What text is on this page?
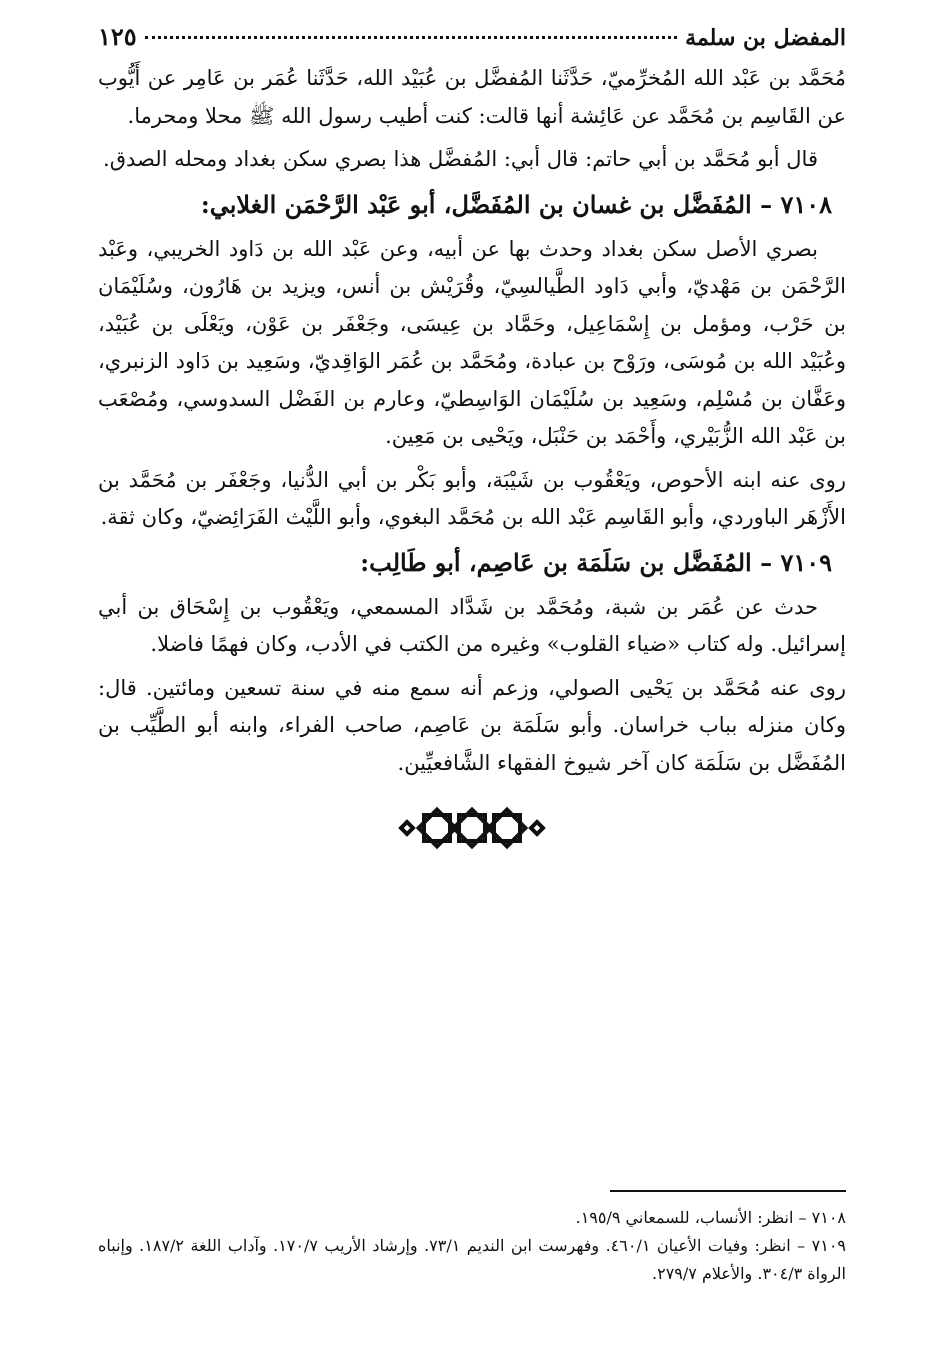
المفضل بن سلمة
١٢٥

مُحَمَّد بن عَبْد الله المُخرِّميّ، حَدَّثَنا المُفضَّل بن عُبَيْد الله، حَدَّثَنا عُمَر بن عَامِر عن أَيُّوب عن القَاسِم بن مُحَمَّد عن عَائِشة أنها قالت: كنت أطيب رسول الله ﷺ محلا ومحرما.

قال أبو مُحَمَّد بن أبي حاتم: قال أبي: المُفضَّل هذا بصري سكن بغداد ومحله الصدق.

٧١٠٨ – المُفَضَّل بن غسان بن المُفَضَّل، أبو عَبْد الرَّحْمَن الغلابي:

بصري الأصل سكن بغداد وحدث بها عن أبيه، وعن عَبْد الله بن دَاود الخريبي، وعَبْد الرَّحْمَن بن مَهْديّ، وأبي دَاود الطَّيالسِيّ، وقُرَيْش بن أنس، ويزيد بن هَارُون، وسُلَيْمَان بن حَرْب، ومؤمل بن إِسْمَاعِيل، وحَمَّاد بن عِيسَى، وجَعْفَر بن عَوْن، ويَعْلَى بن عُبَيْد، وعُبَيْد الله بن مُوسَى، ورَوْح بن عبادة، ومُحَمَّد بن عُمَر الوَاقِديّ، وسَعِيد بن دَاود الزنبري، وعَفَّان بن مُسْلِم، وسَعِيد بن سُلَيْمَان الوَاسِطيّ، وعارم بن الفَضْل السدوسي، ومُصْعَب بن عَبْد الله الزُّبَيْري، وأَحْمَد بن حَنْبَل، ويَحْيى بن مَعِين.

روى عنه ابنه الأحوص، ويَعْقُوب بن شَيْبَة، وأبو بَكْر بن أبي الدُّنيا، وجَعْفَر بن مُحَمَّد بن الأَزْهَر الباوردي، وأبو القَاسِم عَبْد الله بن مُحَمَّد البغوي، وأبو اللَّيْث الفَرَائِضيّ، وكان ثقة.

٧١٠٩ – المُفَضَّل بن سَلَمَة بن عَاصِم، أبو طَالِب:

حدث عن عُمَر بن شبة، ومُحَمَّد بن شَدَّاد المسمعي، ويَعْقُوب بن إِسْحَاق بن أبي إسرائيل. وله كتاب «ضياء القلوب» وغيره من الكتب في الأدب، وكان فهمًا فاضلا.

روى عنه مُحَمَّد بن يَحْيى الصولي، وزعم أنه سمع منه في سنة تسعين ومائتين. قال: وكان منزله بباب خراسان. وأبو سَلَمَة بن عَاصِم، صاحب الفراء، وابنه أبو الطَّيِّب بن المُفَضَّل بن سَلَمَة كان آخر شيوخ الفقهاء الشَّافعيِّين.

٧١٠٨ – انظر: الأنساب، للسمعاني ١٩٥/٩.

٧١٠٩ – انظر: وفيات الأعيان ٤٦٠/١. وفهرست ابن النديم ٧٣/١. وإرشاد الأريب ١٧٠/٧. وآداب اللغة ١٨٧/٢. وإنباه الرواة ٣٠٤/٣. والأعلام ٢٧٩/٧.
